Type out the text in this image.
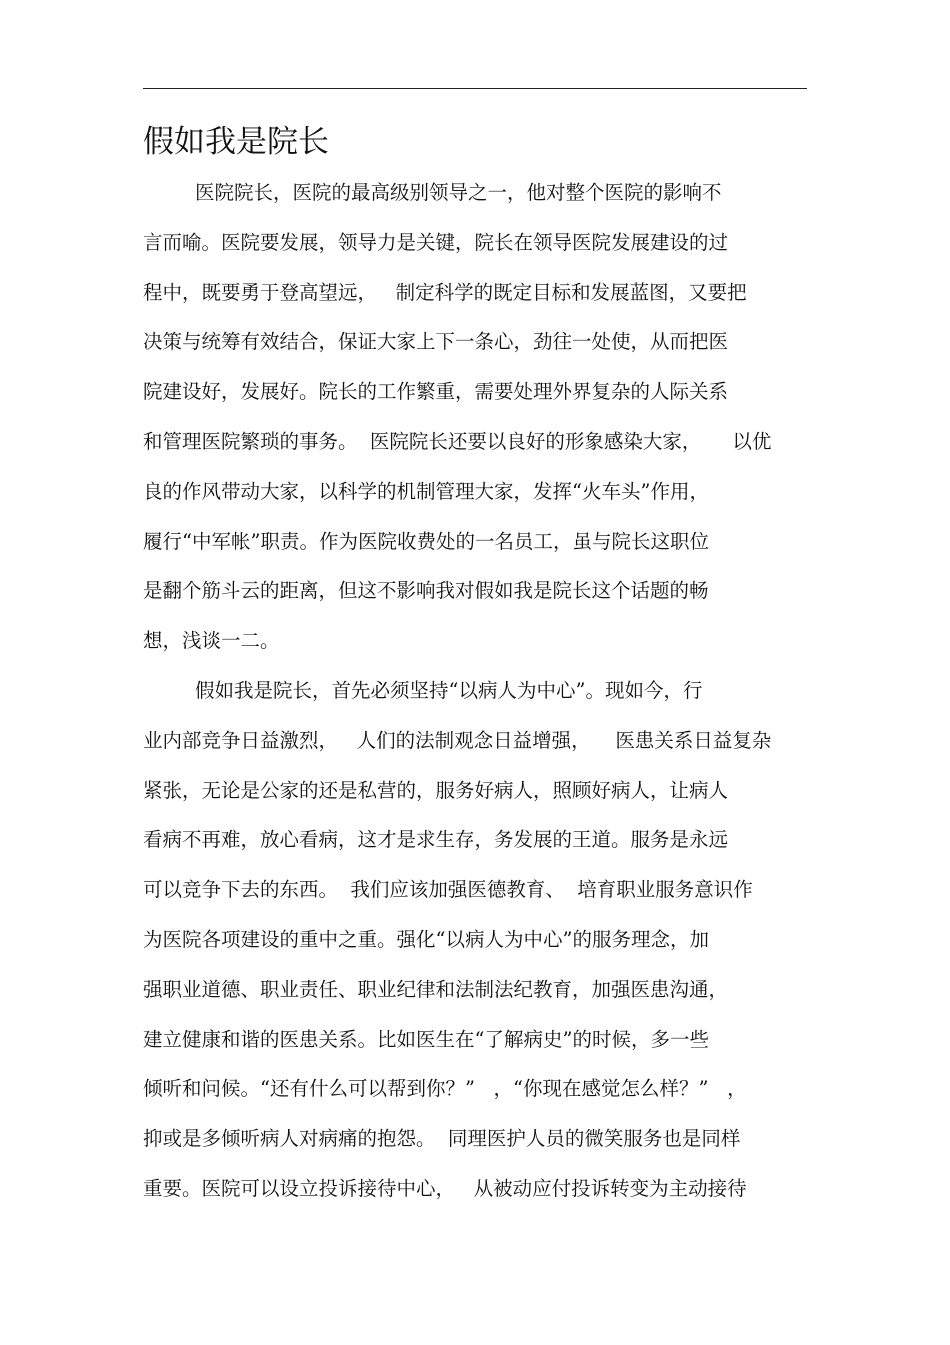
假如我是院长
医院院长，医院的最高级别领导之一，他对整个医院的影响不
言而喻。医院要发展，领导力是关键，院长在领导医院发展建设的过
程中，既要勇于登高望远，   制定科学的既定目标和发展蓝图，又要把
决策与统筹有效结合，保证大家上下一条心，劲往一处使，从而把医
院建设好，发展好。院长的工作繁重，需要处理外界复杂的人际关系
和管理医院繁琐的事务。  医院院长还要以良好的形象感染大家，     以优
良的作风带动大家，以科学的机制管理大家，发挥“火车头”作用，
履行“中军帐”职责。作为医院收费处的一名员工，虽与院长这职位
是翻个筋斗云的距离，但这不影响我对假如我是院长这个话题的畅
想，浅谈一二。
假如我是院长，首先必须坚持“以病人为中心”。现如今，行
业内部竞争日益激烈，   人们的法制观念日益增强，    医患关系日益复杂
紧张，无论是公家的还是私营的，服务好病人，照顾好病人，让病人
看病不再难，放心看病，这才是求生存，务发展的王道。服务是永远
可以竞争下去的东西。  我们应该加强医德教育、  培育职业服务意识作
为医院各项建设的重中之重。强化“以病人为中心”的服务理念，加
强职业道德、职业责任、职业纪律和法制法纪教育，加强医患沟通，
建立健康和谐的医患关系。比如医生在“了解病史”的时候，多一些
倾听和问候。“还有什么可以帮到你？”   ，“你现在感觉怎么样？”   ，
抑或是多倾听病人对病痛的抱怨。  同理医护人员的微笑服务也是同样
重要。医院可以设立投诉接待中心，   从被动应付投诉转变为主动接待
